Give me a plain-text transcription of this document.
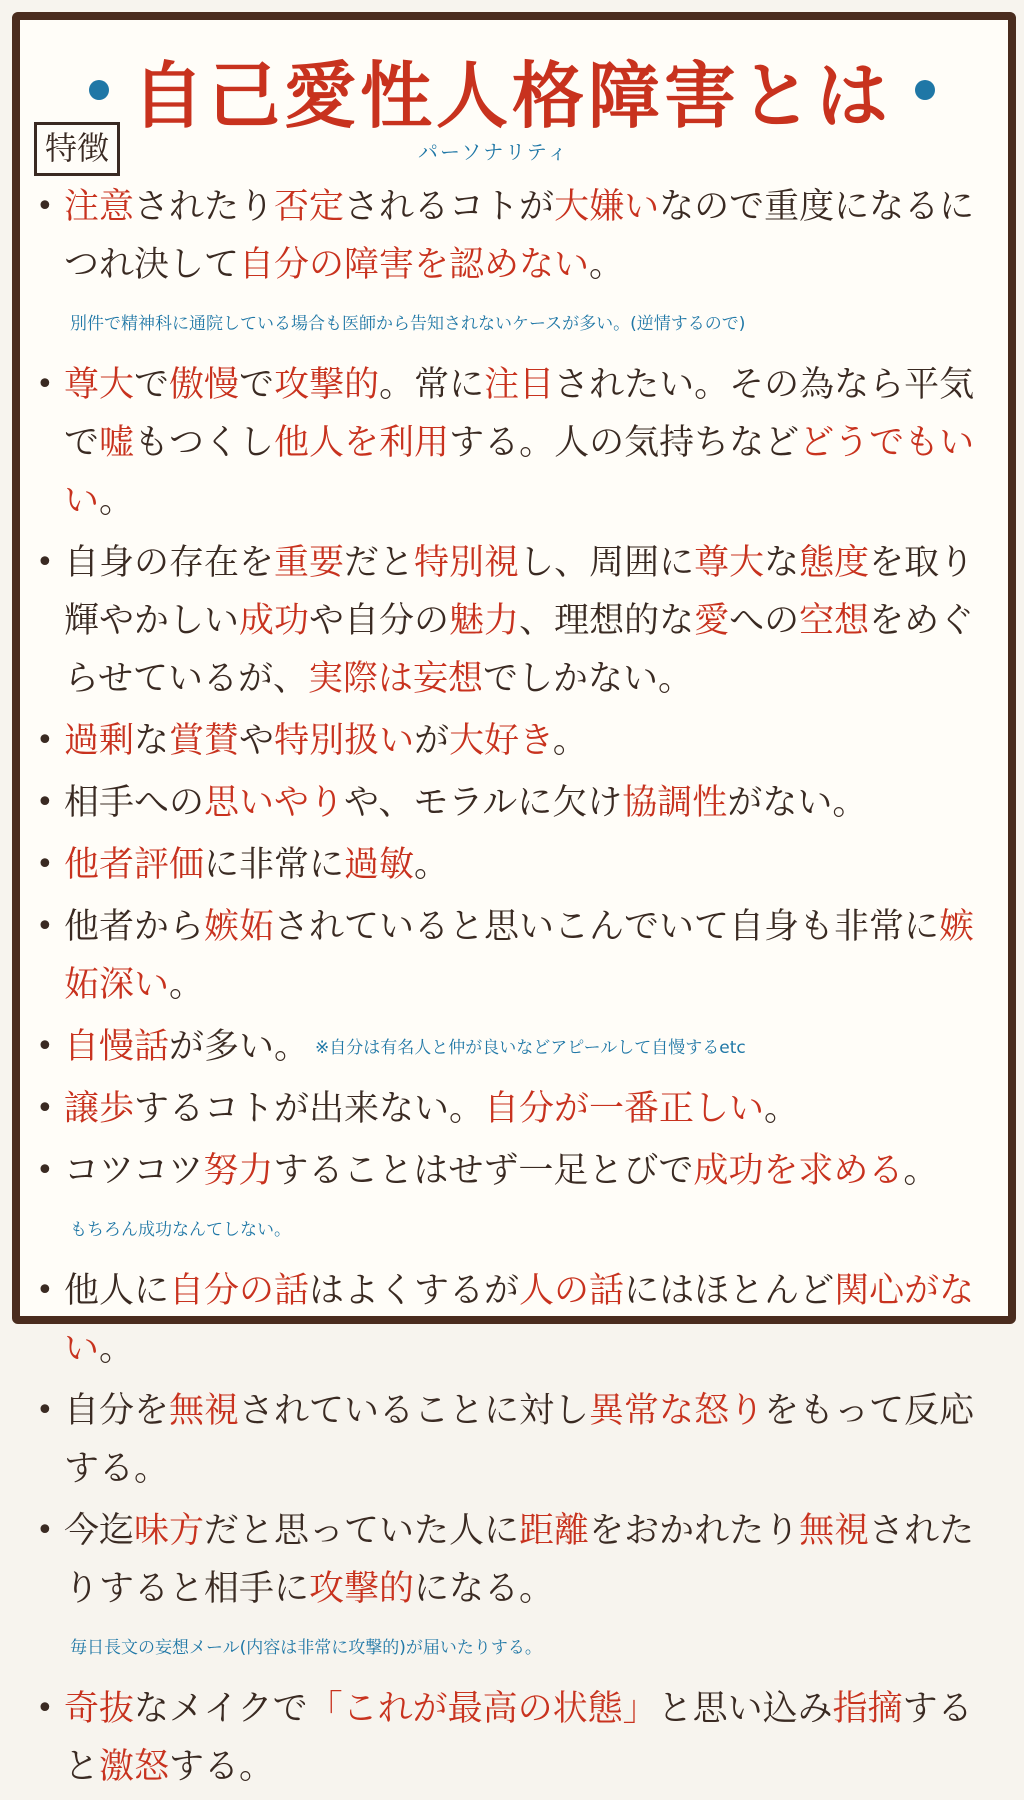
自己愛性人格障害とは
パーソナリティ
特徴
• 注意されたり否定されるコトが大嫌いなので重度になるにつれ決して自分の障害を認めない。別件で精神科に通院している場合も医師から告知されないケースが多い。(逆情するので)
• 尊大で傲慢で攻撃的。常に注目されたい。その為なら平気で嘘もつくし他人を利用する。人の気持ちなどどうでもいい。
• 自身の存在を重要だと特別視し、周囲に尊大な態度を取り輝やかしい成功や自分の魅力、理想的な愛への空想をめぐらせているが、実際は妄想でしかない。
• 過剰な賞賛や特別扱いが大好き。
• 相手への思いやりや、モラルに欠け協調性がない。
• 他者評価に非常に過敏。
• 他者から嫉妬されていると思いこんでいて自身も非常に嫉妬深い。
• 自慢話が多い。 ※自分は有名人と仲が良いなどアピールして自慢するetc
• 譲歩するコトが出来ない。自分が一番正しい。
• コツコツ努力することはせず一足とびで成功を求める。もちろん成功なんてしない。
• 他人に自分の話はよくするが人の話にはほとんど関心がない。
• 自分を無視されていることに対し異常な怒りをもって反応する。
• 今迄味方だと思っていた人に距離をおかれたり無視されたりすると相手に攻撃的になる。毎日長文の妄想メール(内容は非常に攻撃的)が届いたりする。
• 奇抜なメイクで「これが最高の状態」と思い込み指摘すると激怒する。
